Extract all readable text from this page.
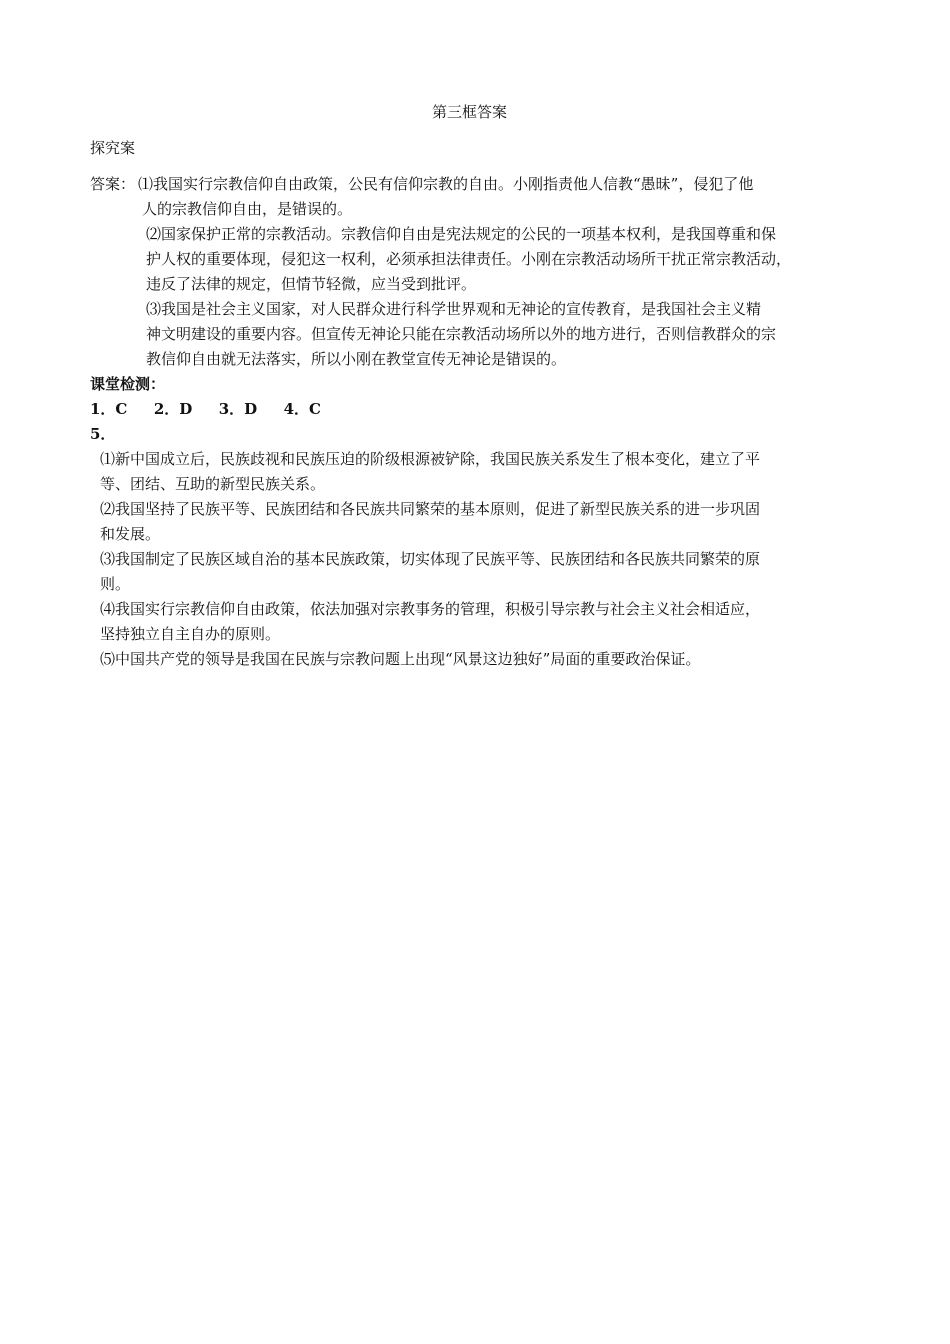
第三框答案
探究案
答案： ⑴我国实行宗教信仰自由政策，公民有信仰宗教的自由。小刚指责他人信教“愚昧”，侵犯了他
人的宗教信仰自由，是错误的。
⑵国家保护正常的宗教活动。宗教信仰自由是宪法规定的公民的一项基本权利，是我国尊重和保
护人权的重要体现，侵犯这一权利，必须承担法律责任。小刚在宗教活动场所干扰正常宗教活动，
违反了法律的规定，但情节轻微，应当受到批评。
⑶我国是社会主义国家，对人民群众进行科学世界观和无神论的宣传教育，是我国社会主义精
神文明建设的重要内容。但宣传无神论只能在宗教活动场所以外的地方进行，否则信教群众的宗
教信仰自由就无法落实，所以小刚在教堂宣传无神论是错误的。
课堂检测：
1．C  2．D  3．D  4．C
5．
⑴新中国成立后，民族歧视和民族压迫的阶级根源被铲除，我国民族关系发生了根本变化，建立了平
等、团结、互助的新型民族关系。
⑵我国坚持了民族平等、民族团结和各民族共同繁荣的基本原则，促进了新型民族关系的进一步巩固
和发展。
⑶我国制定了民族区域自治的基本民族政策，切实体现了民族平等、民族团结和各民族共同繁荣的原
则。
⑷我国实行宗教信仰自由政策，依法加强对宗教事务的管理，积极引导宗教与社会主义社会相适应，
坚持独立自主自办的原则。
⑸中国共产党的领导是我国在民族与宗教问题上出现“风景这边独好”局面的重要政治保证。
